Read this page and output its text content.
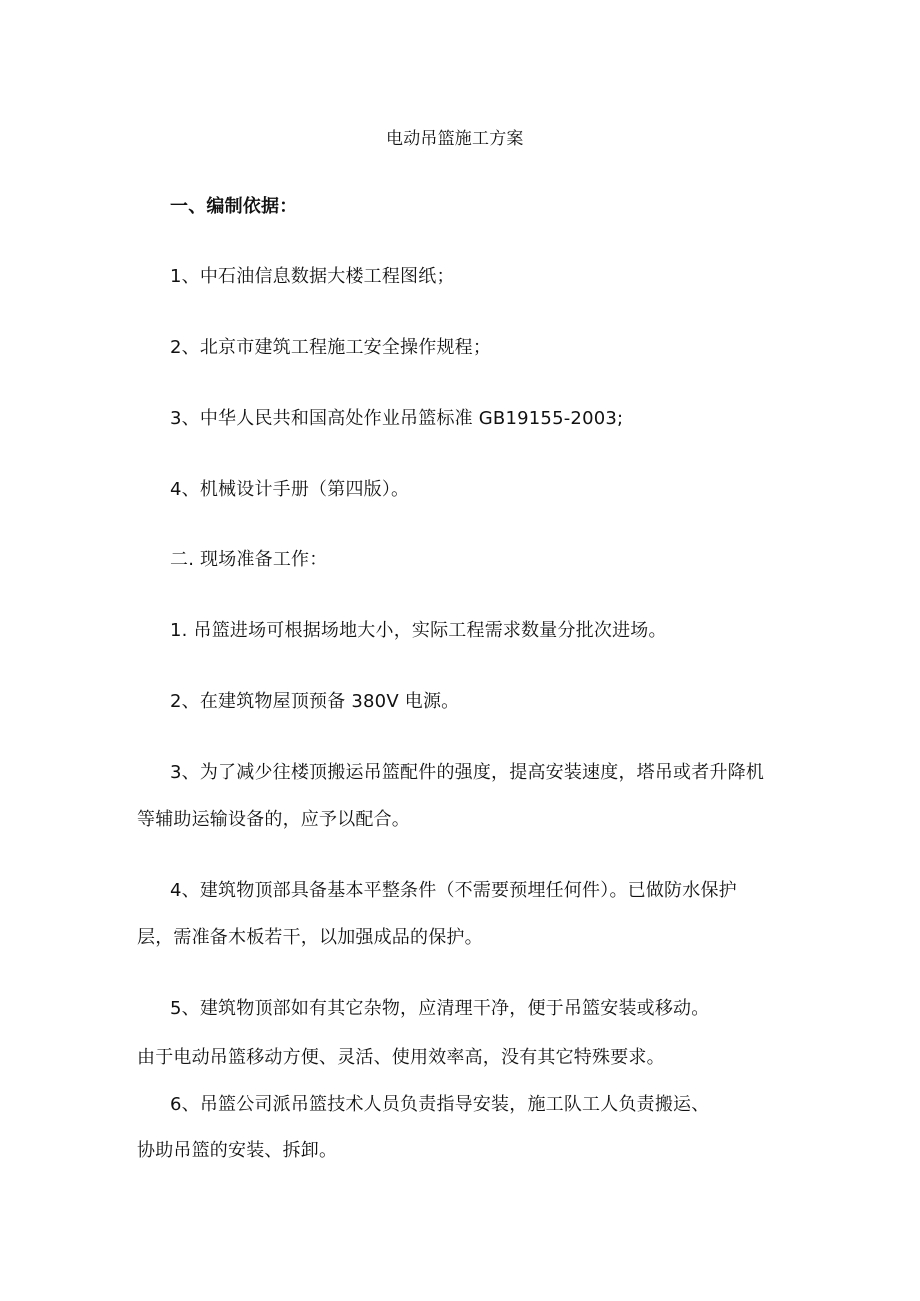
电动吊篮施工方案
一、编制依据：
1、中石油信息数据大楼工程图纸；
2、北京市建筑工程施工安全操作规程；
3、中华人民共和国高处作业吊篮标准 GB19155-2003;
4、机械设计手册（第四版）。
二. 现场准备工作：
1. 吊篮进场可根据场地大小，实际工程需求数量分批次进场。
2、在建筑物屋顶预备 380V 电源。
3、为了减少往楼顶搬运吊篮配件的强度，提高安装速度，塔吊或者升降机
等辅助运输设备的，应予以配合。
4、建筑物顶部具备基本平整条件（不需要预埋任何件）。已做防水保护
层，需准备木板若干，以加强成品的保护。
5、建筑物顶部如有其它杂物，应清理干净，便于吊篮安装或移动。
由于电动吊篮移动方便、灵活、使用效率高，没有其它特殊要求。
6、吊篮公司派吊篮技术人员负责指导安装，施工队工人负责搬运、
协助吊篮的安装、拆卸。
